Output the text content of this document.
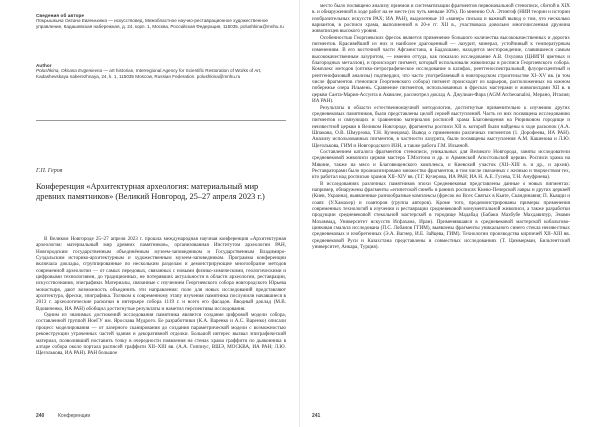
Сведения об авторе

Покрышкина Оксана Евгеньевна — искусствовед, Межобластное научно-реставрационное художественное управление, Кадашевская набережная, д. 24, корп. 1, Москва, Российская Федерация, 115035. polushkina@mnhu.ru

Author

Polushkina, Oksana Evgenievna — art historian, Interregional Agency for Scientific Restoration of Works of Art, Kadashevskaya naberezhnaya, 24, k. 1, 115035 Moscow, Russian Federation. polushkina@mnhu.ru

Г.П. Героя
Конференция «Архитектурная археология: материальный мир древних памятников» (Великий Новгород, 25–27 апреля 2023 г.)

В Великом Новгороде 25–27 апреля 2023 г. прошла международная научная конференция «Архитектурная археология: материальный мир древних памятников», организованная Институтом археологии РАН, Новгородским государственным объединённым музеем-заповедником и Государственным Владимиро-Суздальским историко-архитектурным и художественным музеем-заповедником. Программа конференции включала доклады, сгруппированные по нескольким разделам и демонстрирующие многообразие методов современной археологии — от самых передовых, связанных с новыми физико-химическими, геологическими и цифровыми технологиями, до традиционных, не потерявших актуальности в области археологии, реставрации, искусствознания, эпиграфики. Материалы, связанные с изучением Георгиевского собора новгородского Юрьева монастыря, дают возможность объединить эти направления: поле для новых исследований представляют архитектура, фрески, эпиграфика. Толчком к современному этапу изучения памятника послужили начавшиеся в 2013 г. археологические раскопки в интерьере собора 1119 г. и всего его фасадов. Вводный доклад (М.В. Вдовиченко, ИА РАН) обобщил достигнутые результаты и наметил перспективы исследования.

Одним из значимых достижений исследования памятника является создание цифровой модели собора, составленной группой НоеГУ им. Ярослава Мудрого. Ее разработчики (К.А. Варенко и А.С. Варенко) описали процесс моделирования — от лазерного сканирования до создания параметрической модели с возможностью реконструкции утраченных частей здания и декоративной отделки. Большой интерес вызвал эпиграфический материал, позволивший поставить точку в очередности появления на стенах храма граффити по дьяконника в алтаре собора около портала расписей граффити XII–XIII вв. (А.А. Гиппиус, ВШЭ, МОСКВА, ИА РАН; Л.Ю. Щеголькова, ИА РАН). РАН большое

240	Конференции

место было посвящено анализу приемов и систематизации фрагментов первоначальной стенописи, сбитой в XIX в. и обнаруженной в ходе работ на ее месте (их чуть меньше 30%). По мнению О.А. Этингоф (НИИ теории и истории изобразительных искусств РАХ; ИА РАН), выделенные 10 «манер» письма и важный вывод о том, что несколько вариантов, в росписи храма, выполненной в 20-е гг. XII в., участвовала довольно многочисленная дружина живописцев высокого уровня.

Особенностью Георгиевских фресок является применение большого количества высококачественных и дорогих пигментов. Красивейший из них и наиболее драгоценный — лазурит, минерал, устойчивый к температурным изменениям. В его восточной части Афганистана, в Бадахшане, находится месторождение, славившееся самым высококачественным лазуритом, — именно оттуда, как показало исследование А.В. Охулова (ЦНИГИ цветных и благородных металлов), и происходит пигмент, который использовали живописцы в росписи Георгиевского собора. Комплекс методов (оптико-петрографическое исследование в шлифах, рентгеноспектральный, флуоресцентный и рентгенофазовый анализы) подтвердил, что часто употребляемый в новгородском строительстве XI–XV вв. (в том числе фрагментов стенописи Георгиевского собора) пигмент происходит из карьеров, расположенных на южном побережье озера Ильмень. Сравнение пигментов, использованных в фресках мастерами и живописцами XII в. в церкви Санта-Мария-Ассунта в Аквилее, рассмотрел доклад А. Джулиан-Фара (AGM Archeoanalisi, Mерано, Италия; ИА РАН).

Результаты в области естественнонаучной методологии, достигнутые применительно к изучению других средневековых памятников, были представлены целой серией выступлений. Часть из них посвящена исследованию пигментов и связующих и сравнению материалов росписей храма Благовещения на Рюриковом городище и неизвестной церкви в Великом Новгороде, фрагменты росписи XII в. которой были найдены в ходе раскопок (А.А. Шпакова, О.В. Шмурзова, Т.Н. Кузнецова). Вывод о применении различных пигментов (1. Дорофеева, ИА РАН). Анализу использованных пигментов, в частности лазурита, были посвящены выступления А.М. Кашенова и Л.Ю. Щеголькова, ГИМ и Новгородского ИЗН, а также работа Г.М. Ильиной.

Составлением каталога фрагментов стенописи, уникальных для Великого Новгорода, заняты исследователи средневековой живописи церкви мастера Т.Мэлтона и др. и Армянской Апостольской церкви. Росписи храма на Мякине, также на мясо и Благовещенского комплекса, и Киевский участок (XII–XIII в. и др., и архив). Реставраторами было проанализировано множество фрагментов, в том числе связанных с жизнью и творчеством тех, кто работал над росписью храмов XII–XIV вв. (Т.Г. Кучерова, ИА РАН; ИА Н. А.Е. Гусева, Т.Н. Ануфриева).

В исследованиях различных памятников эпохи Средневековья представлены данные о новых пигментах: например, обнаружены фрагменты «египетской синей» в ранних росписях Киево-Печерской лавры и других церквей (Киев, Украина), выявленные разнообразные комплексы (фресок во Всех Святых в Кьяте, Скандинавия; П. Кьяцци и соавт. (У.Хамахер) и соавторов (группа авторов). Кроме того, продемонстрированы примеры применения современных технологий в изучении и реставрации средневековой монументальной живописи, а также разработки продукции средневековой стекольной мастерской в городище Мадабад (Бабаки Махбубе Махдавипур, Эмами Мохаммад, Университет искусств Исфахана, Иран). Применявшаяся в средневековой мастерской кобальтово-цинковая смальта исследована (П.С. Лобанов ГГИМ), выявлены фрагменты уникального синего стекла неизвестных средневековых и изобретенных (Э.А. Вагнер, И.Е. Зайцева, ГИМ). Технологии производства кирпичей XII–XIII вв. средневековой Руси и Казахстана представлены в совместных исследованиях (Т. Циммерман, Бильтентский университет, Анкара, Турция).

241
